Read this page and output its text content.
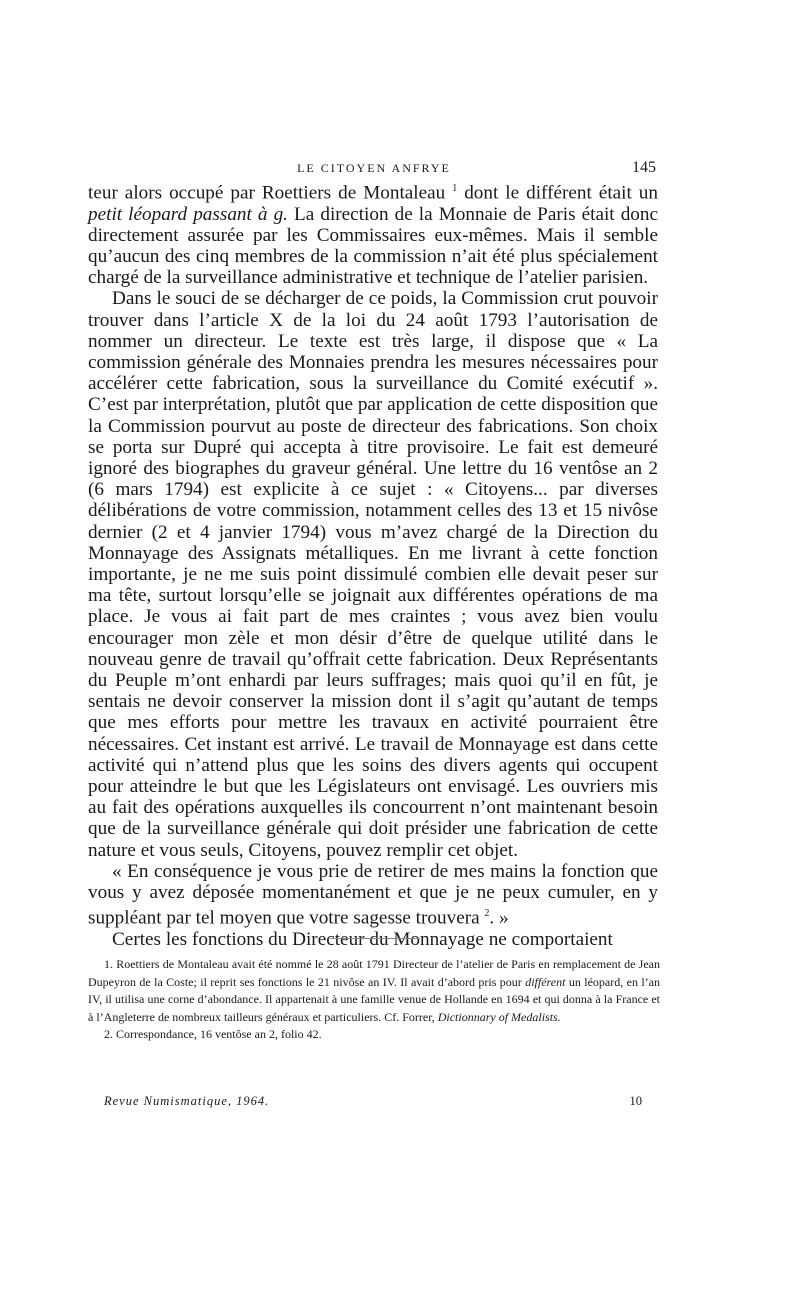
LE CITOYEN ANFRYE	145

teur alors occupé par Roettiers de Montaleau $^1$ dont le différent était un petit léopard passant à g. La direction de la Monnaie de Paris était donc directement assurée par les Commissaires eux-mêmes. Mais il semble qu’aucun des cinq membres de la commission n’ait été plus spécialement chargé de la surveillance administrative et technique de l’atelier parisien.

Dans le souci de se décharger de ce poids, la Commission crut pouvoir trouver dans l’article X de la loi du 24 août 1793 l’autorisation de nommer un directeur. Le texte est très large, il dispose que « La commission générale des Monnaies prendra les mesures nécessaires pour accélérer cette fabrication, sous la surveillance du Comité exécutif ». C’est par interprétation, plutôt que par application de cette disposition que la Commission pourvut au poste de directeur des fabrications. Son choix se porta sur Dupré qui accepta à titre provisoire. Le fait est demeuré ignoré des biographes du graveur général. Une lettre du 16 ventôse an 2 (6 mars 1794) est explicite à ce sujet : « Citoyens... par diverses délibérations de votre commission, notamment celles des 13 et 15 nivôse dernier (2 et 4 janvier 1794) vous m’avez chargé de la Direction du Monnayage des Assignats métalliques. En me livrant à cette fonction importante, je ne me suis point dissimulé combien elle devait peser sur ma tête, surtout lorsqu’elle se joignait aux différentes opérations de ma place. Je vous ai fait part de mes craintes ; vous avez bien voulu encourager mon zèle et mon désir d’être de quelque utilité dans le nouveau genre de travail qu’offrait cette fabrication. Deux Représentants du Peuple m’ont enhardi par leurs suffrages; mais quoi qu’il en fût, je sentais ne devoir conserver la mission dont il s’agit qu’autant de temps que mes efforts pour mettre les travaux en activité pourraient être nécessaires. Cet instant est arrivé. Le travail de Monnayage est dans cette activité qui n’attend plus que les soins des divers agents qui occupent pour atteindre le but que les Législateurs ont envisagé. Les ouvriers mis au fait des opérations auxquelles ils concourrent n’ont maintenant besoin que de la surveillance générale qui doit présider une fabrication de cette nature et vous seuls, Citoyens, pouvez remplir cet objet.

« En conséquence je vous prie de retirer de mes mains la fonction que vous y avez déposée momentanément et que je ne peux cumuler, en y suppléant par tel moyen que votre sagesse trouvera $^2$. »

Certes les fonctions du Directeur du Monnayage ne comportaient

1. Roettiers de Montaleau avait été nommé le 28 août 1791 Directeur de l’atelier de Paris en remplacement de Jean Dupeyron de la Coste; il reprit ses fonctions le 21 nivôse an IV. Il avait d’abord pris pour différent un léopard, en l’an IV, il utilisa une corne d’abondance. Il appartenait à une famille venue de Hollande en 1694 et qui donna à la France et à l’Angleterre de nombreux tailleurs généraux et particuliers. Cf. Forrer, Dictionnary of Medalists.

2. Correspondance, 16 ventôse an 2, folio 42.

Revue Numismatique, 1964.	10
